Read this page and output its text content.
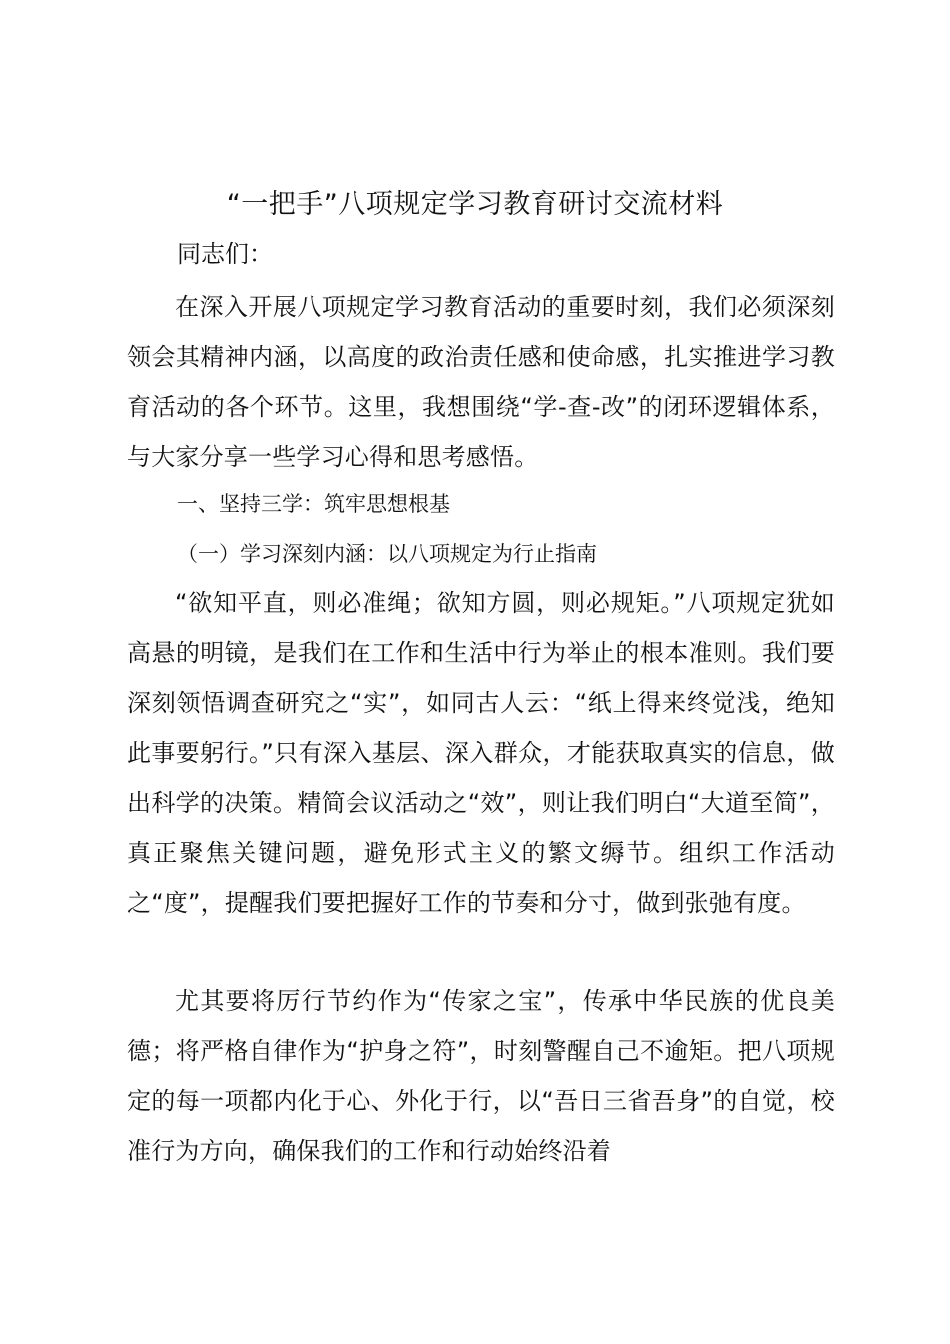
“一把手”八项规定学习教育研讨交流材料

同志们：

在深入开展八项规定学习教育活动的重要时刻，我们必须深刻领会其精神内涵，以高度的政治责任感和使命感，扎实推进学习教育活动的各个环节。这里，我想围绕“学-查-改”的闭环逻辑体系，与大家分享一些学习心得和思考感悟。

一、坚持三学：筑牢思想根基
（一）学习深刻内涵：以八项规定为行止指南

“欲知平直，则必准绳；欲知方圆，则必规矩。”八项规定犹如高悬的明镜，是我们在工作和生活中行为举止的根本准则。我们要深刻领悟调查研究之“实”，如同古人云：“纸上得来终觉浅，绝知此事要躬行。”只有深入基层、深入群众，才能获取真实的信息，做出科学的决策。精简会议活动之“效”，则让我们明白“大道至简”，真正聚焦关键问题，避免形式主义的繁文缛节。组织工作活动之“度”，提醒我们要把握好工作的节奏和分寸，做到张弛有度。

尤其要将厉行节约作为“传家之宝”，传承中华民族的优良美德；将严格自律作为“护身之符”，时刻警醒自己不逾矩。把八项规定的每一项都内化于心、外化于行，以“吾日三省吾身”的自觉，校准行为方向，确保我们的工作和行动始终沿着
